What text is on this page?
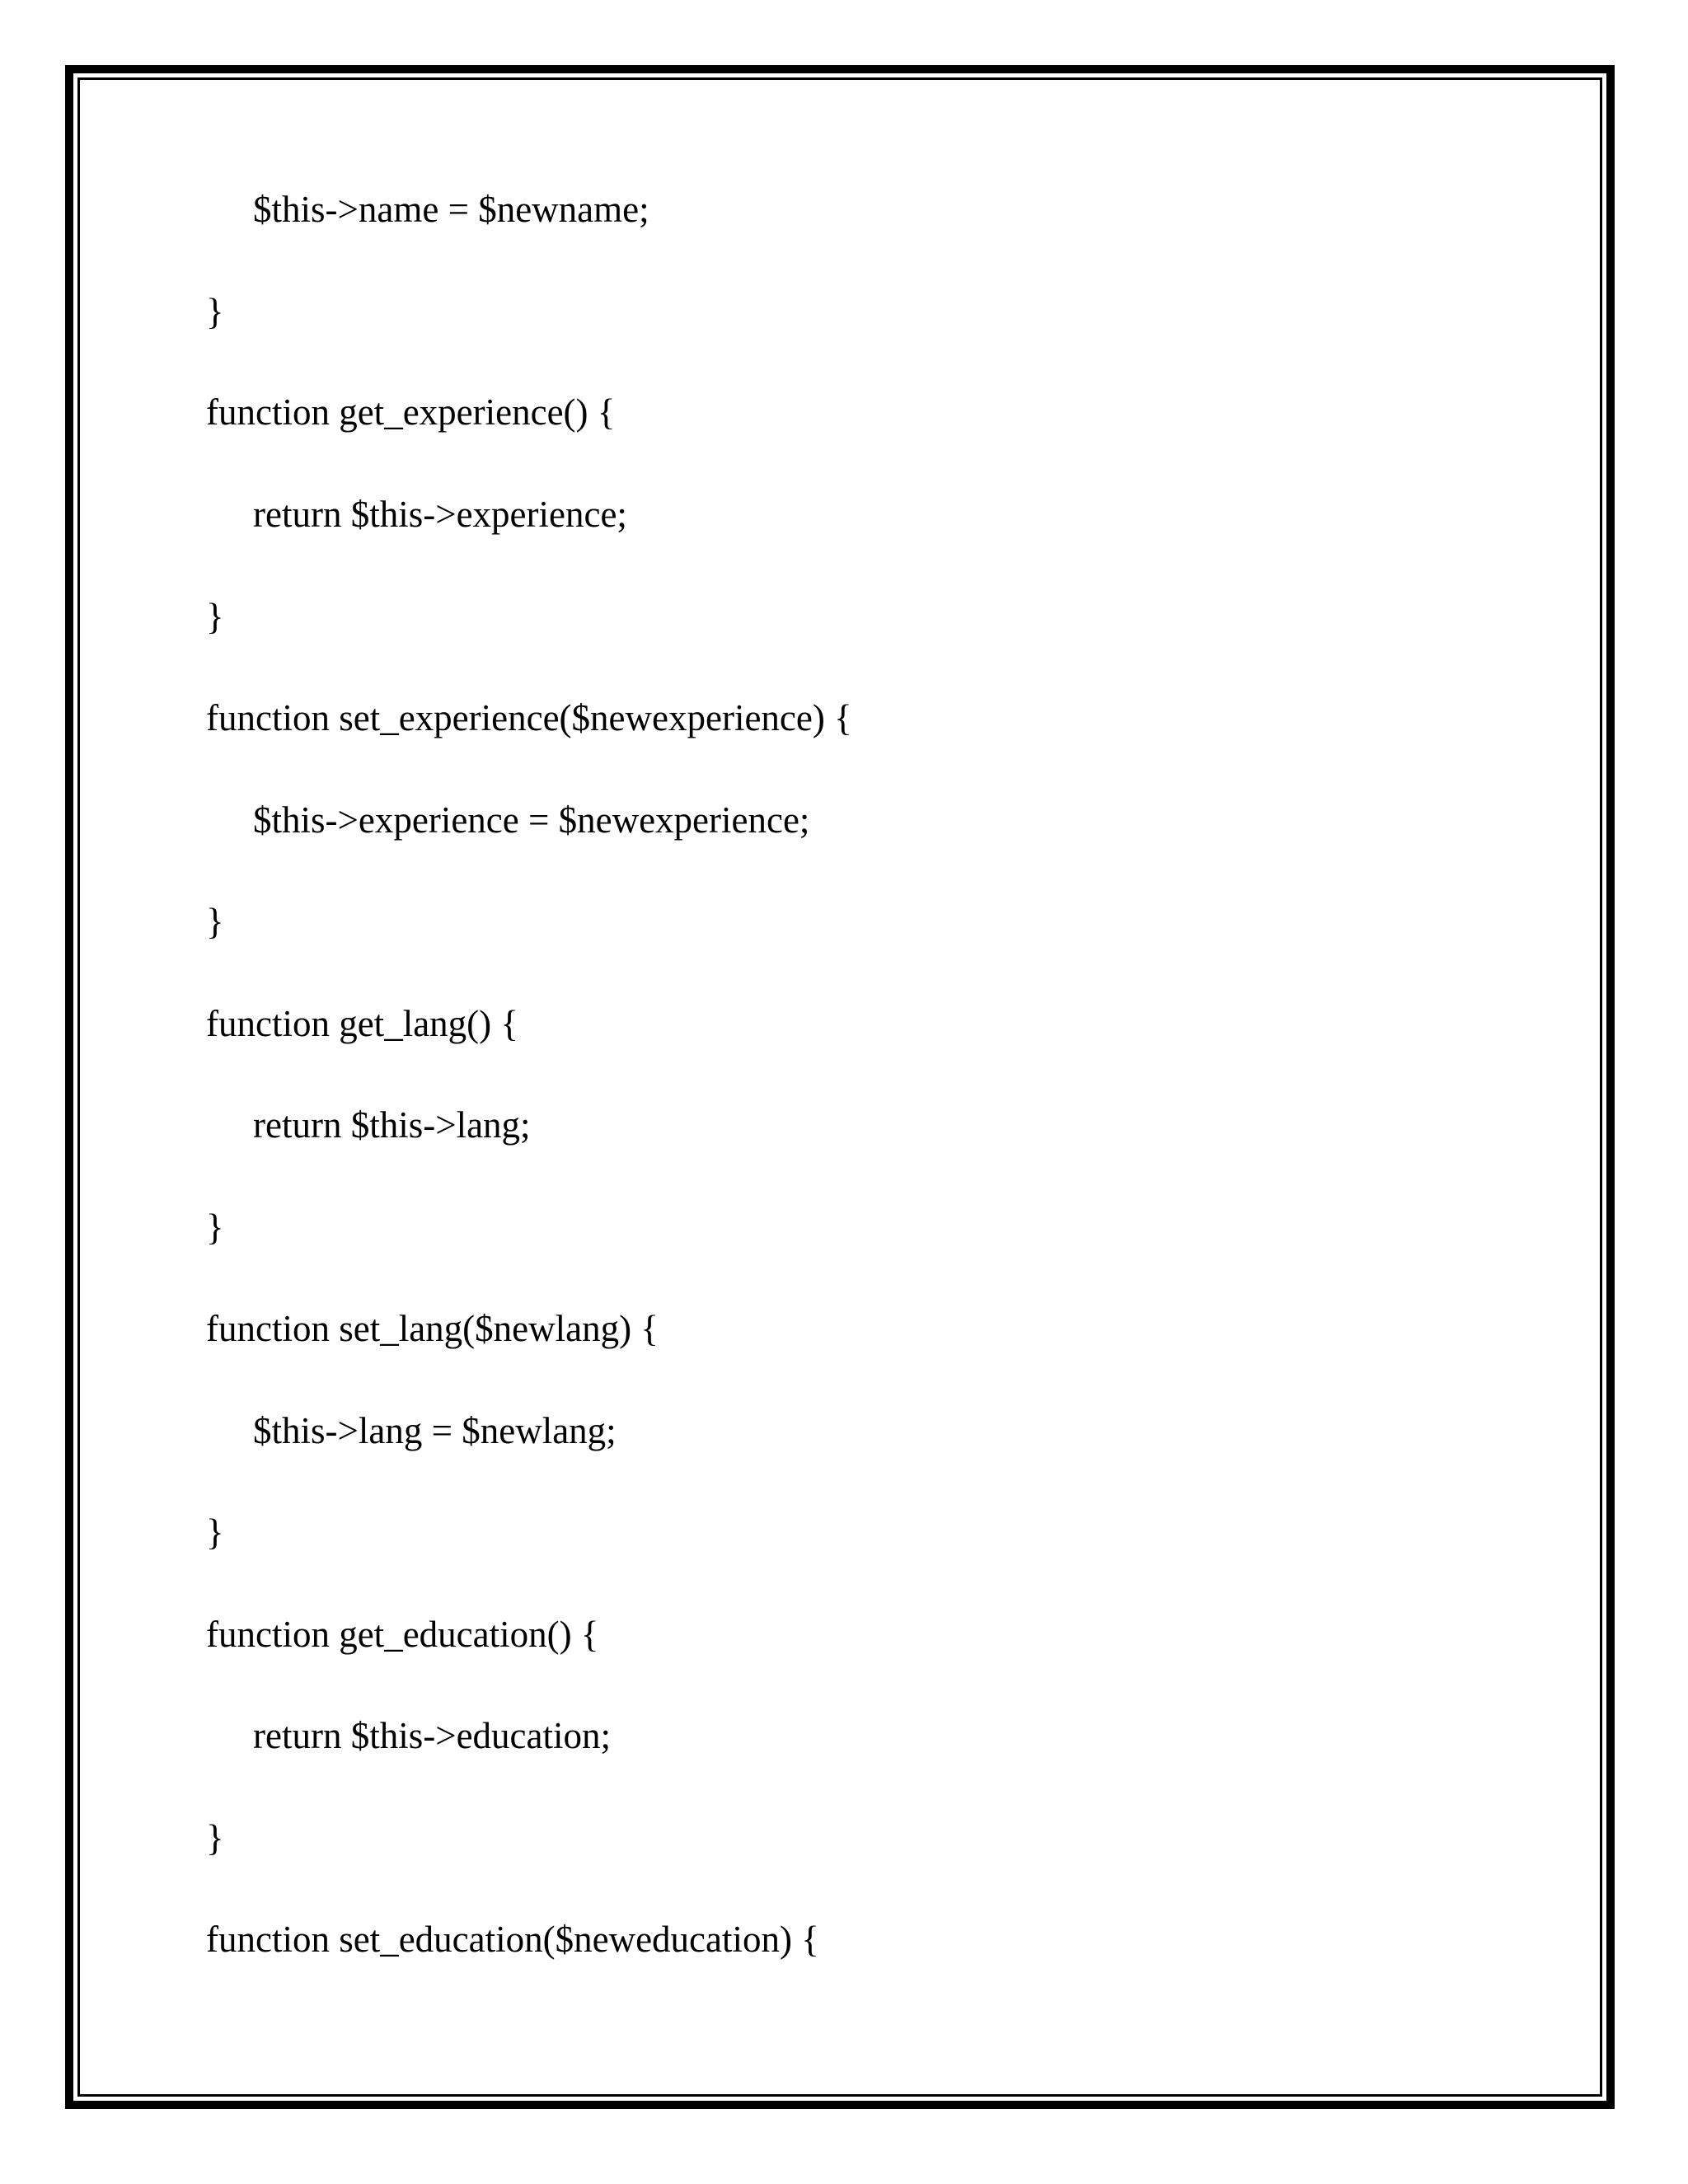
$this->name = $newname;

}

function get_experience() {

return $this->experience;

}

function set_experience($newexperience) {

$this->experience = $newexperience;

}

function get_lang() {

return $this->lang;

}

function set_lang($newlang) {

$this->lang = $newlang;

}

function get_education() {

return $this->education;

}

function set_education($neweducation) {
